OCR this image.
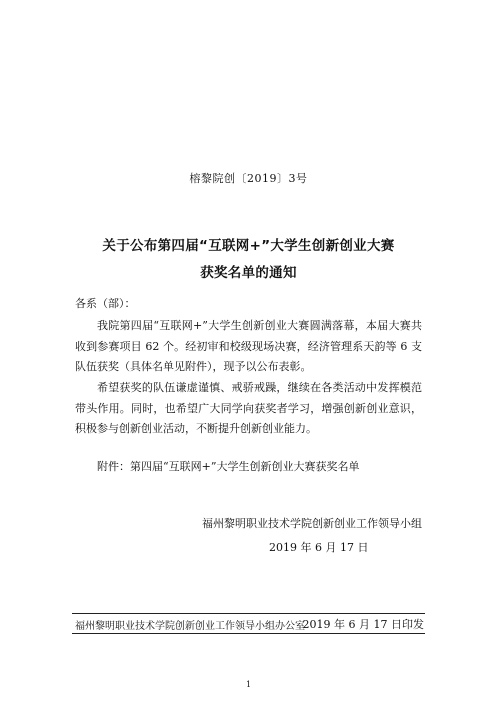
榕黎院创〔2019〕3号
关于公布第四届“互联网+”大学生创新创业大赛
获奖名单的通知
各系（部）：
我院第四届“互联网+”大学生创新创业大赛圆满落幕，本届大赛共收到参赛项目 62 个。经初审和校级现场决赛，经济管理系天韵等 6 支队伍获奖（具体名单见附件），现予以公布表彰。
希望获奖的队伍谦虚谨慎、戒骄戒躁，继续在各类活动中发挥模范带头作用。同时，也希望广大同学向获奖者学习，增强创新创业意识，积极参与创新创业活动，不断提升创新创业能力。
附件：第四届“互联网+”大学生创新创业大赛获奖名单
福州黎明职业技术学院创新创业工作领导小组
2019 年 6 月 17 日
福州黎明职业技术学院创新创业工作领导小组办公室
2019 年 6 月 17 日印发
1
